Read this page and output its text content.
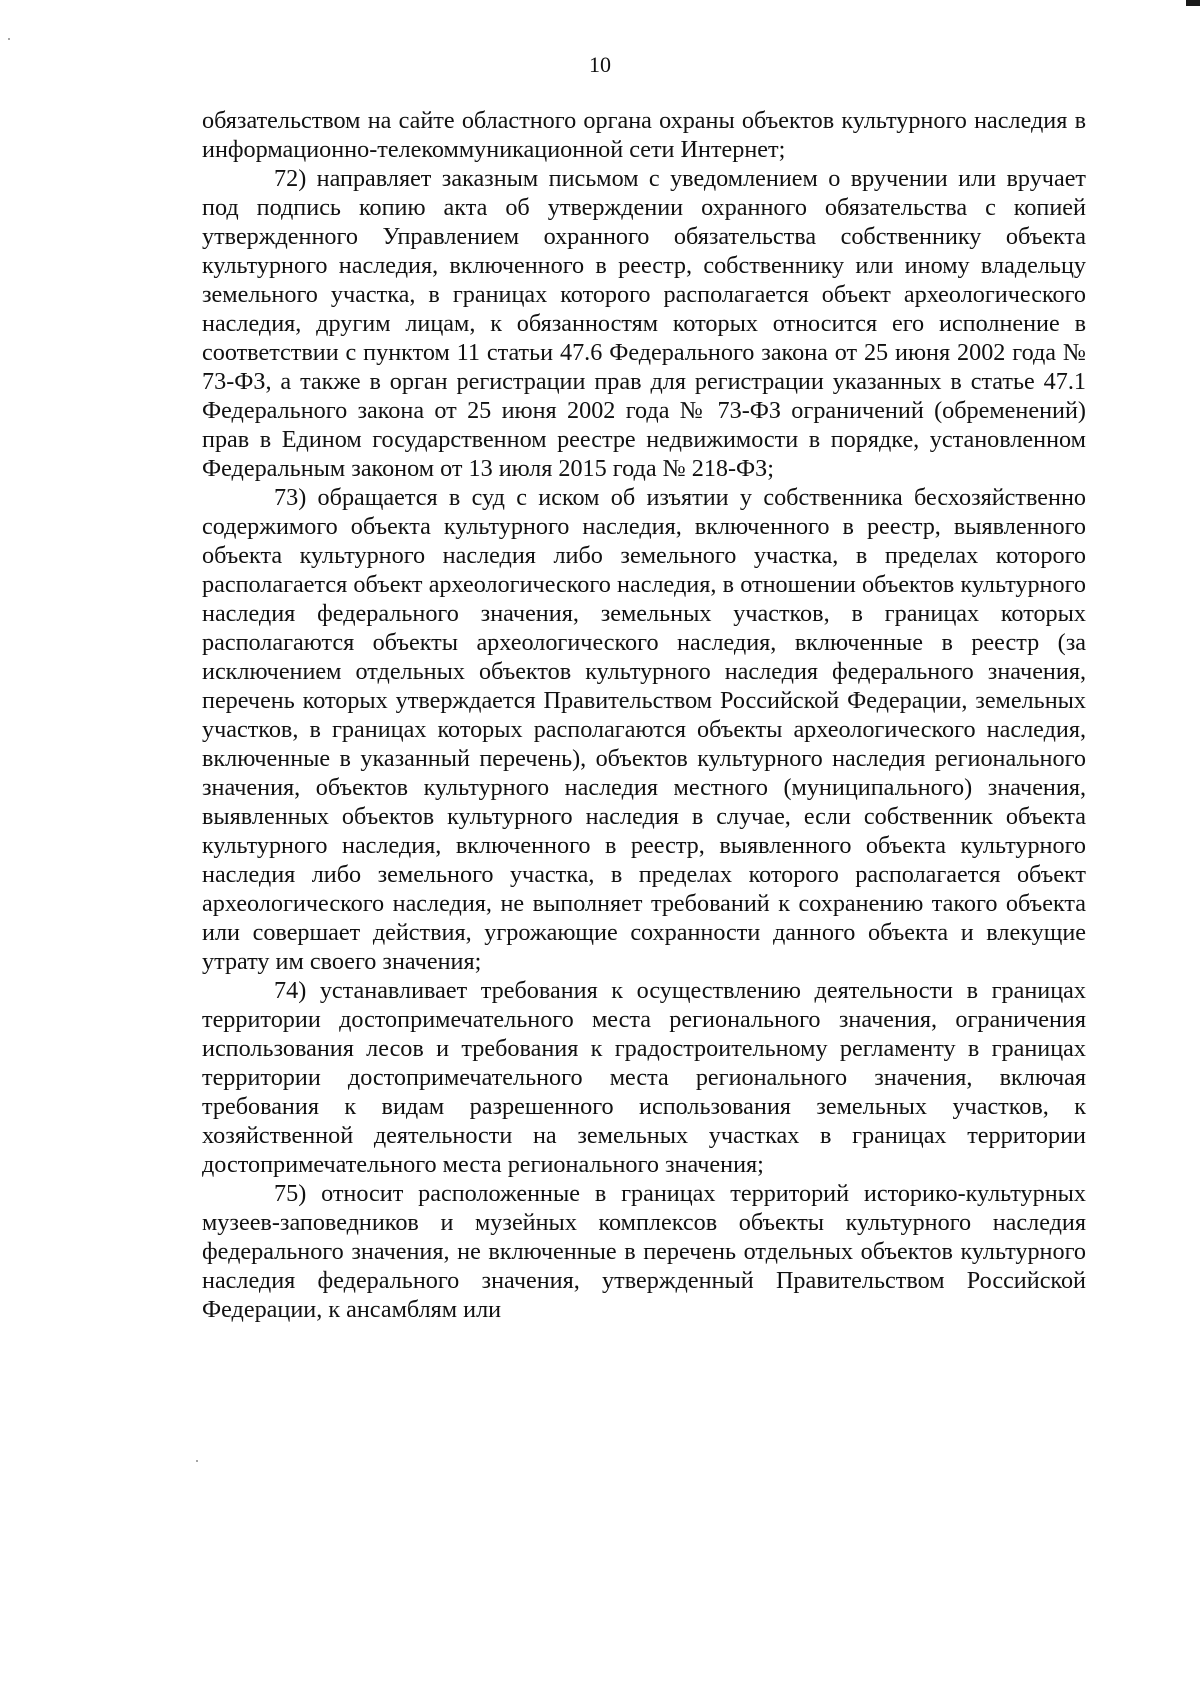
10

обязательством на сайте областного органа охраны объектов культурного наследия в информационно-телекоммуникационной сети Интернет;

72) направляет заказным письмом с уведомлением о вручении или вручает под подпись копию акта об утверждении охранного обязательства с копией утвержденного Управлением охранного обязательства собственнику объекта культурного наследия, включенного в реестр, собственнику или иному владельцу земельного участка, в границах которого располагается объект археологического наследия, другим лицам, к обязанностям которых относится его исполнение в соответствии с пунктом 11 статьи 47.6 Федерального закона от 25 июня 2002 года № 73-ФЗ, а также в орган регистрации прав для регистрации указанных в статье 47.1 Федерального закона от 25 июня 2002 года № 73-ФЗ ограничений (обременений) прав в Едином государственном реестре недвижимости в порядке, установленном Федеральным законом от 13 июля 2015 года № 218-ФЗ;

73) обращается в суд с иском об изъятии у собственника бесхозяйственно содержимого объекта культурного наследия, включенного в реестр, выявленного объекта культурного наследия либо земельного участка, в пределах которого располагается объект археологического наследия, в отношении объектов культурного наследия федерального значения, земельных участков, в границах которых располагаются объекты археологического наследия, включенные в реестр (за исключением отдельных объектов культурного наследия федерального значения, перечень которых утверждается Правительством Российской Федерации, земельных участков, в границах которых располагаются объекты археологического наследия, включенные в указанный перечень), объектов культурного наследия регионального значения, объектов культурного наследия местного (муниципального) значения, выявленных объектов культурного наследия в случае, если собственник объекта культурного наследия, включенного в реестр, выявленного объекта культурного наследия либо земельного участка, в пределах которого располагается объект археологического наследия, не выполняет требований к сохранению такого объекта или совершает действия, угрожающие сохранности данного объекта и влекущие утрату им своего значения;

74) устанавливает требования к осуществлению деятельности в границах территории достопримечательного места регионального значения, ограничения использования лесов и требования к градостроительному регламенту в границах территории достопримечательного места регионального значения, включая требования к видам разрешенного использования земельных участков, к хозяйственной деятельности на земельных участках в границах территории достопримечательного места регионального значения;

75) относит расположенные в границах территорий историко-культурных музеев-заповедников и музейных комплексов объекты культурного наследия федерального значения, не включенные в перечень отдельных объектов культурного наследия федерального значения, утвержденный Правительством Российской Федерации, к ансамблям или
